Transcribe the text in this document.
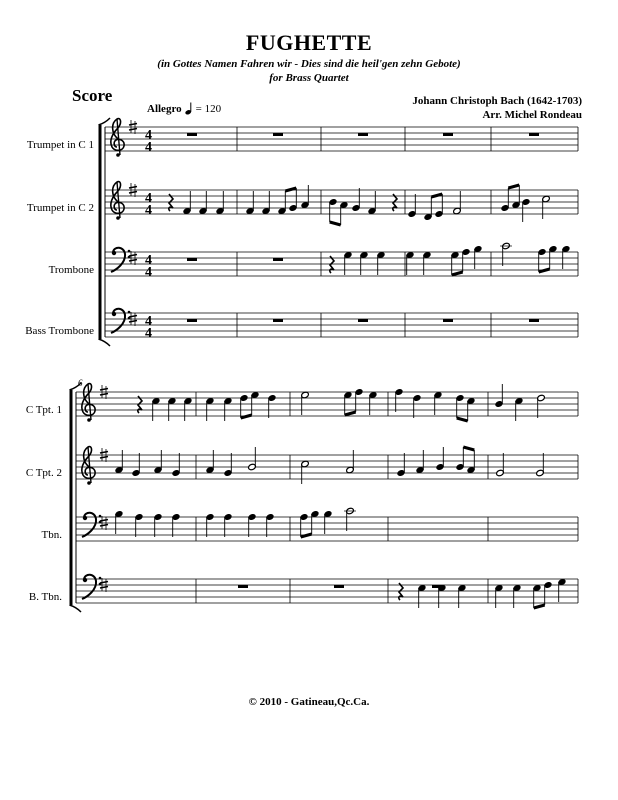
FUGHETTE
(in Gottes Namen Fahren wir - Dies sind die heil'gen zehn Gebote)
for Brass Quartet
Score	Johann Christoph Bach (1642-1703)
Arr. Michel Rondeau
Allegro = 120
Trumpet in C 1
Trumpet in C 2
Trombone
Bass Trombone
C Tpt. 1
C Tpt. 2
Tbn.
B. Tbn.
4
4
4
4
4
4
4
4
6
© 2010 - Gatineau,Qc.Ca.
